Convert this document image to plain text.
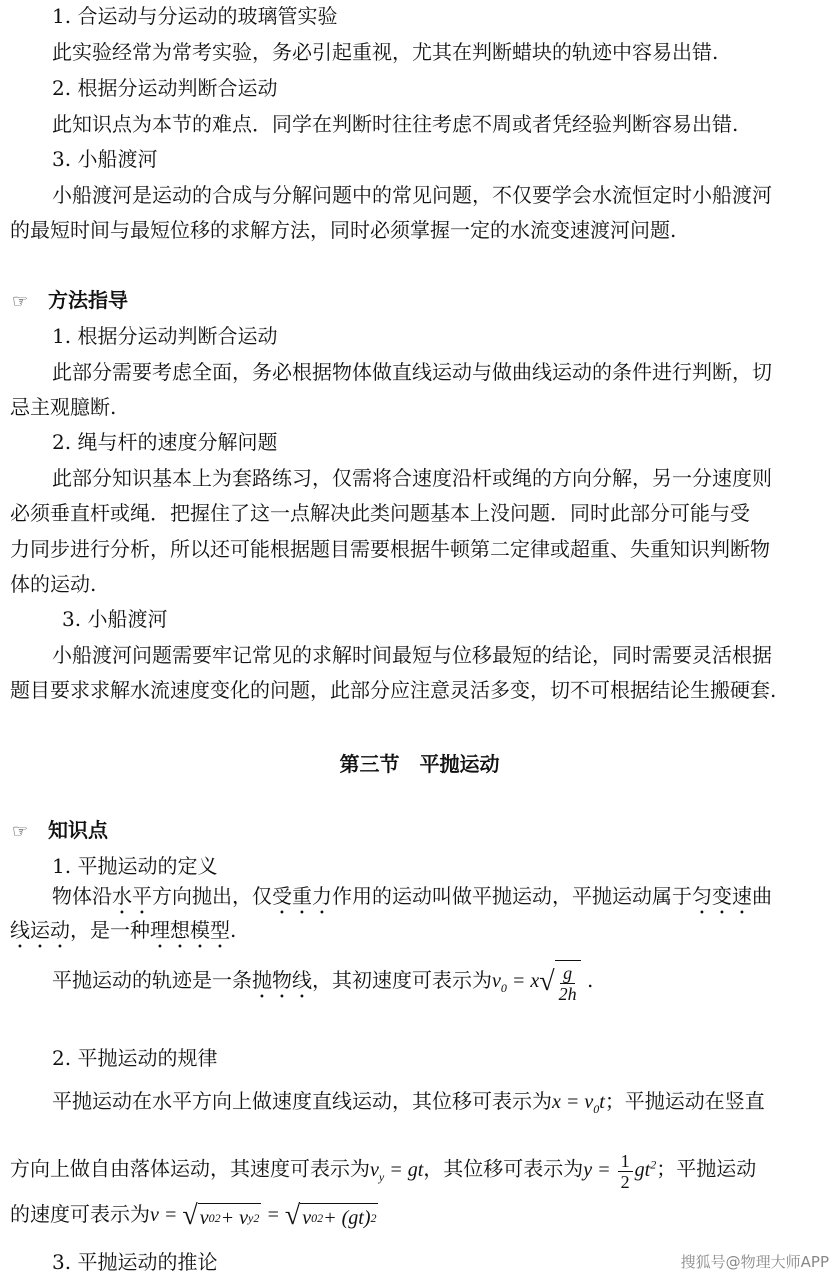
1. 合运动与分运动的玻璃管实验
此实验经常为常考实验，务必引起重视，尤其在判断蜡块的轨迹中容易出错.
2. 根据分运动判断合运动
此知识点为本节的难点．同学在判断时往往考虑不周或者凭经验判断容易出错.
3. 小船渡河
小船渡河是运动的合成与分解问题中的常见问题，不仅要学会水流恒定时小船渡河
的最短时间与最短位移的求解方法，同时必须掌握一定的水流变速渡河问题.
☞ 方法指导
1. 根据分运动判断合运动
此部分需要考虑全面，务必根据物体做直线运动与做曲线运动的条件进行判断，切
忌主观臆断.
2. 绳与杆的速度分解问题
此部分知识基本上为套路练习，仅需将合速度沿杆或绳的方向分解，另一分速度则
必须垂直杆或绳．把握住了这一点解决此类问题基本上没问题．同时此部分可能与受
力同步进行分析，所以还可能根据题目需要根据牛顿第二定律或超重、失重知识判断物
体的运动.
3. 小船渡河
小船渡河问题需要牢记常见的求解时间最短与位移最短的结论，同时需要灵活根据
题目要求求解水流速度变化的问题，此部分应注意灵活多变，切不可根据结论生搬硬套.
第三节　平抛运动
☞ 知识点
1. 平抛运动的定义
物体沿水平方向抛出，仅受重力作用的运动叫做平抛运动，平抛运动属于匀变速曲
线运动，是一种理想模型.
平抛运动的轨迹是一条抛物线，其初速度可表示为$v_0 = x$ √ $\frac{g}{2h}$ .
2. 平抛运动的规律
平抛运动在水平方向上做速度直线运动，其位移可表示为$x = v_0t$；平抛运动在竖直
方向上做自由落体运动，其速度可表示为$v_y$ = gt，其位移可表示为$y = \frac{1}{2} gt^2$；平抛运动
的速度可表示为v = √ v 0 2 + v y 2 = √ v 0 2 + (gt) 2
3. 平抛运动的推论	搜狐号@物理大师APP
